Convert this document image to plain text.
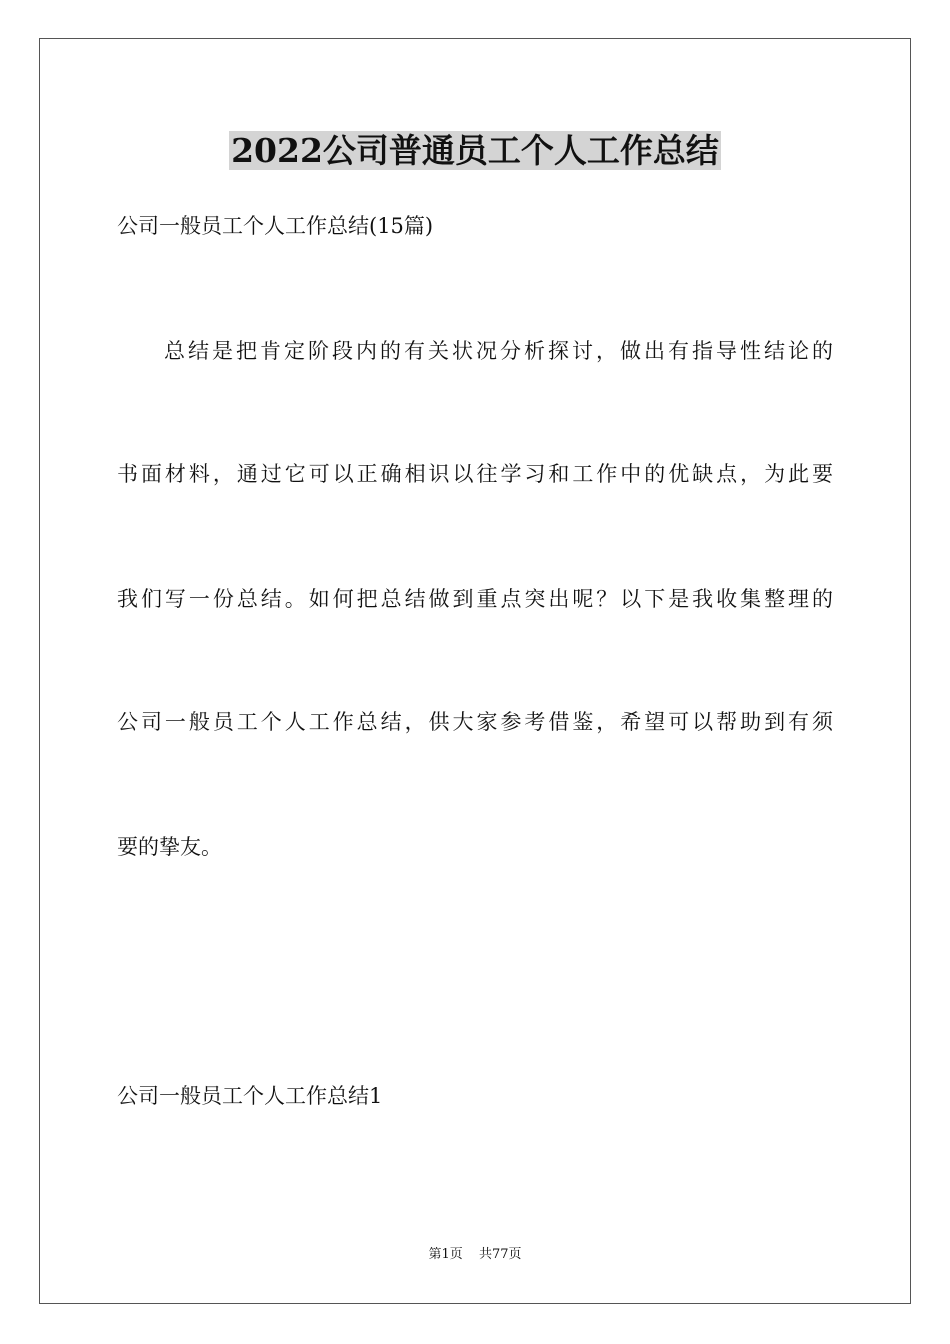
2022公司普通员工个人工作总结
公司一般员工个人工作总结(15篇)
总结是把肯定阶段内的有关状况分析探讨，做出有指导性结论的
书面材料，通过它可以正确相识以往学习和工作中的优缺点，为此要
我们写一份总结。如何把总结做到重点突出呢？以下是我收集整理的
公司一般员工个人工作总结，供大家参考借鉴，希望可以帮助到有须
要的挚友。
公司一般员工个人工作总结1
第1页 共77页
